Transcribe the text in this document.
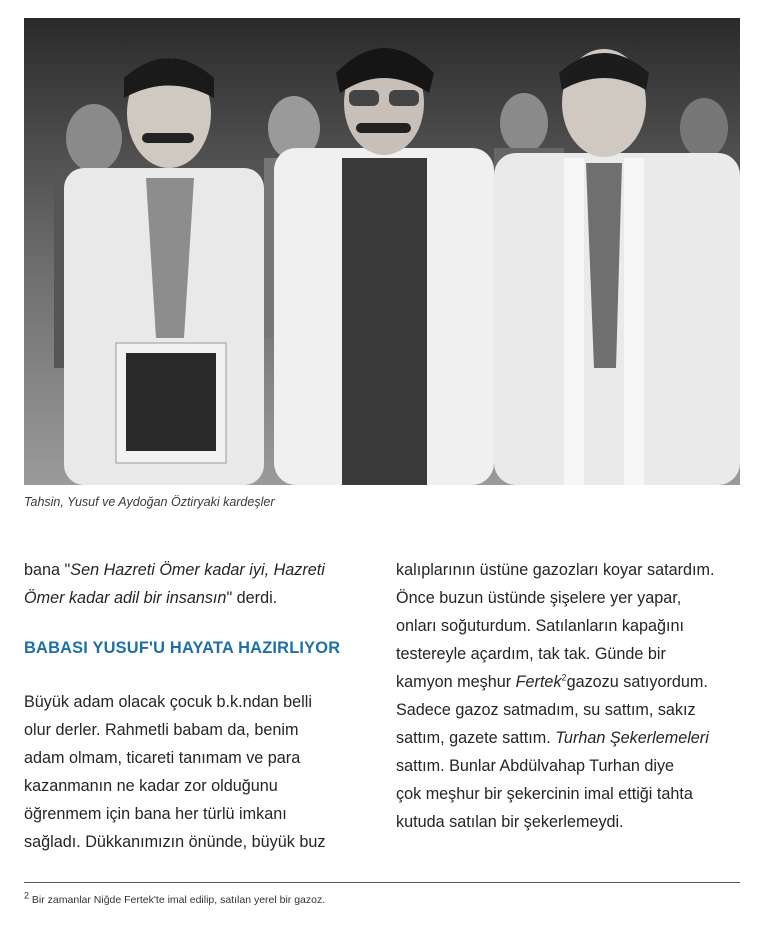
Tahsin, Yusuf ve Aydoğan Öztiryaki kardeşler

bana "Sen Hazreti Ömer kadar iyi, Hazreti
Ömer kadar adil bir insansın" derdi.

BABASI YUSUF'U HAYATA HAZIRLIYOR

Büyük adam olacak çocuk b.k.ndan belli
olur derler. Rahmetli babam da, benim
adam olmam, ticareti tanımam ve para
kazanmanın ne kadar zor olduğunu
öğrenmem için bana her türlü imkanı
sağladı. Dükkanımızın önünde, büyük buz

kalıplarının üstüne gazozları koyar satardım.
Önce buzun üstünde şişelere yer yapar,
onları soğuturdum. Satılanların kapağını
testereyle açardım, tak tak. Günde bir
kamyon meşhur Fertek$^2$gazozu satıyordum.
Sadece gazoz satmadım, su sattım, sakız
sattım, gazete sattım. Turhan Şekerlemeleri
sattım. Bunlar Abdülvahap Turhan diye
çok meşhur bir şekercinin imal ettiği tahta
kutuda satılan bir şekerlemeydi.

$^2$ Bir zamanlar Niğde Fertek'te imal edilip, satılan yerel bir gazoz.
